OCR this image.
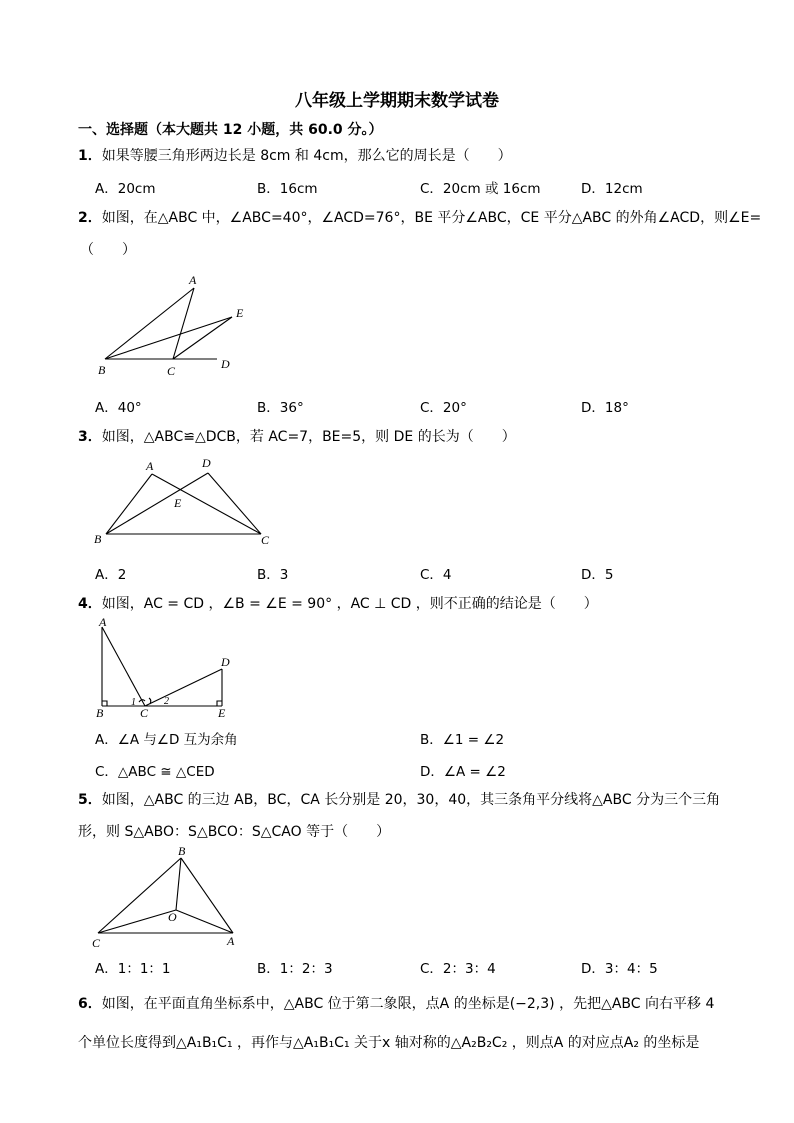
八年级上学期期末数学试卷
一、选择题（本大题共 12 小题，共 60.0 分。）
1．如果等腰三角形两边长是 8cm 和 4cm，那么它的周长是（　　）
A．20cm	B．16cm	C．20cm 或 16cm	D．12cm
2．如图，在△ABC 中，∠ABC=40°，∠ACD=76°，BE 平分∠ABC，CE 平分△ABC 的外角∠ACD，则∠E=
（　　）
A
B	C	D
E
A．40°	B．36°	C．20°	D．18°
3．如图，△ABC≌△DCB，若 AC=7，BE=5，则 DE 的长为（　　）
A	D
E
B	C
A．2	B．3	C．4	D．5
4．如图，AC = CD ，∠B = ∠E = 90° ，AC ⊥ CD ，则不正确的结论是（　　）
A
B	C
D
E
1	2
A．∠A 与∠D 互为余角	B．∠1 = ∠2
C．△ABC ≅ △CED	D．∠A = ∠2
5．如图，△ABC 的三边 AB，BC，CA 长分别是 20，30，40，其三条角平分线将△ABC 分为三个三角
形，则 S△ABO：S△BCO：S△CAO 等于（　　）
B
C	A
O
A．1：1：1	B．1：2：3	C．2：3：4	D．3：4：5
6．如图，在平面直角坐标系中，△ABC 位于第二象限，点A 的坐标是(−2,3) ，先把△ABC 向右平移 4
个单位长度得到△A₁B₁C₁ ，再作与△A₁B₁C₁ 关于x 轴对称的△A₂B₂C₂ ，则点A 的对应点A₂ 的坐标是
